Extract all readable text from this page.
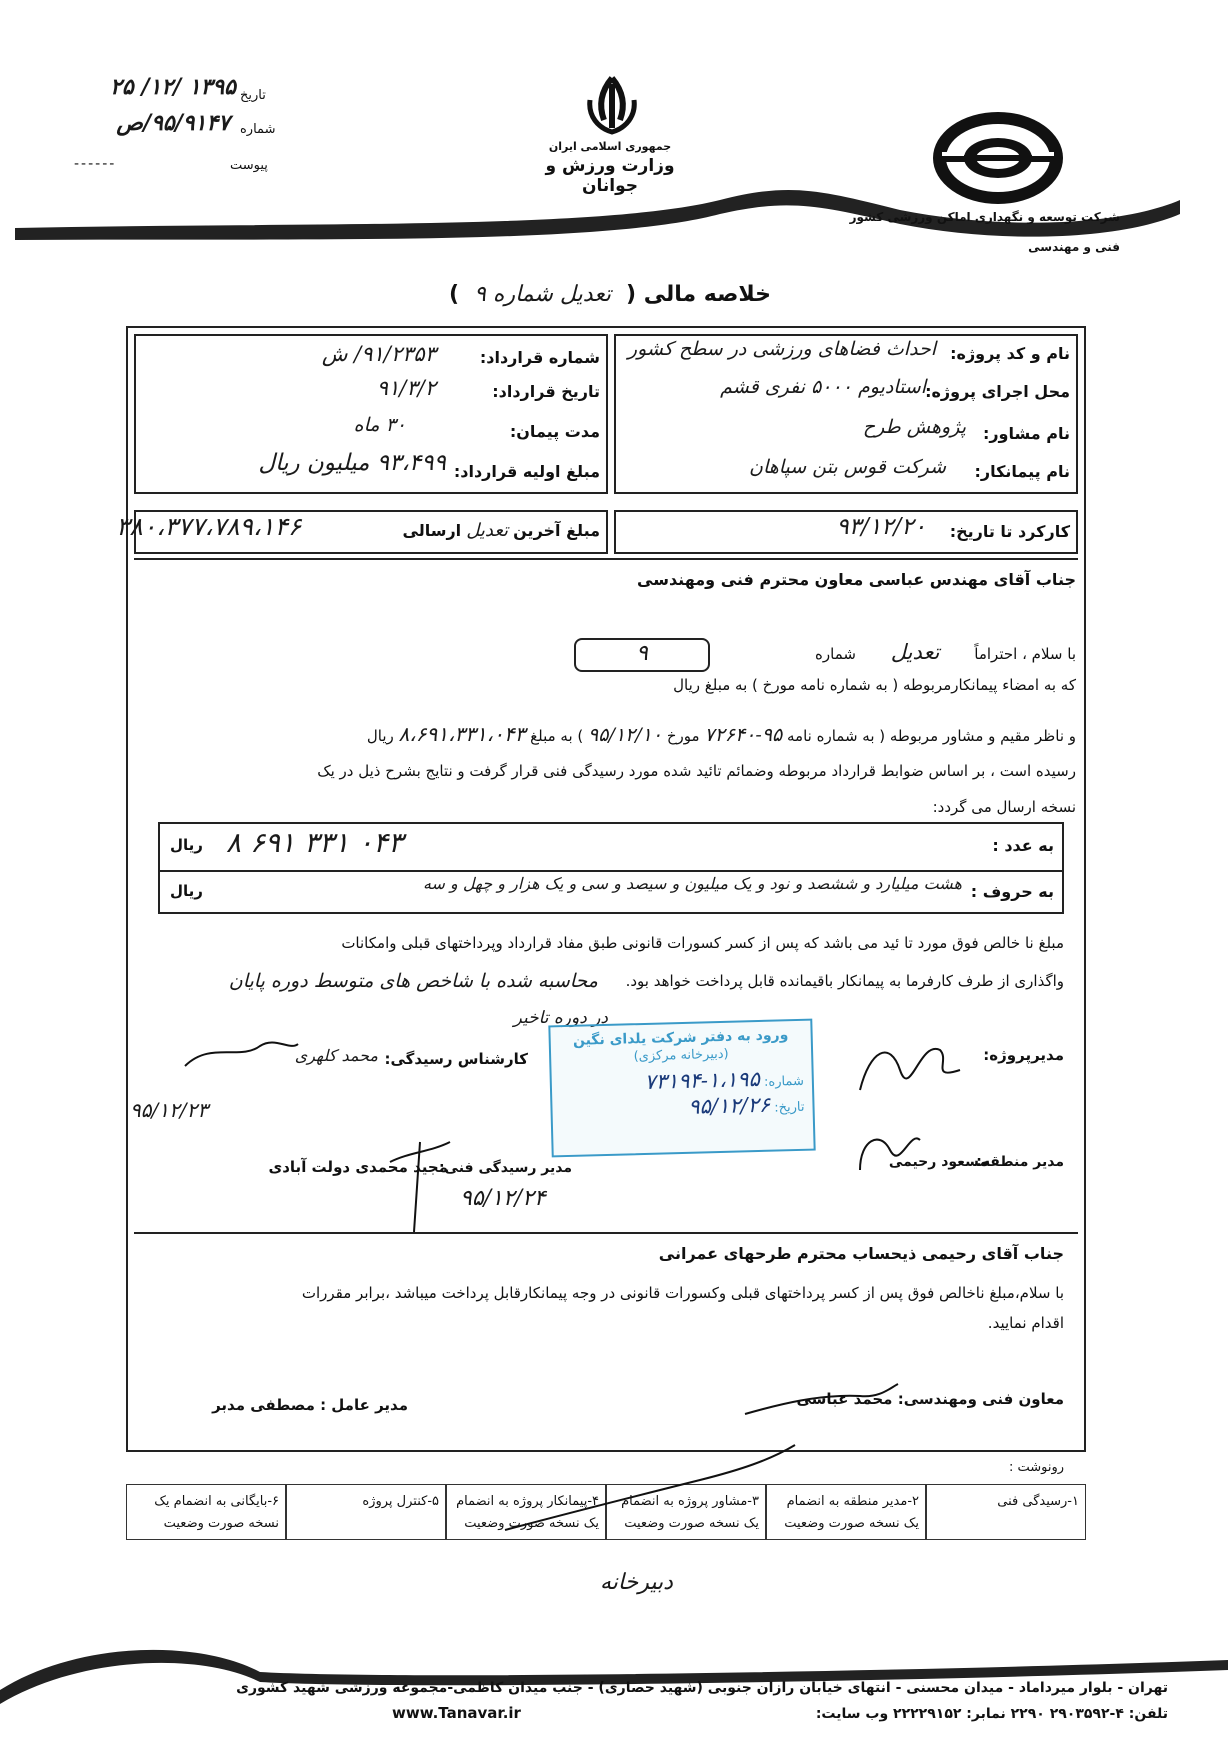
جمهوری اسلامی ایران
وزارت ورزش و جوانان
شرکت توسعه و نگهداری اماکن ورزشی کشور
فنی و مهندسی
تاریخ
۱۳۹۵ /۱۲/ ۲۵
شماره
۹۵/۹۱۴۷/ص
پیوست
------
خلاصه مالی ( تعدیل شماره ۹ )
نام و کد پروژه:
احداث فضاهای ورزشی در سطح کشور
محل اجرای پروژه:
استادیوم ۵۰۰۰ نفری قشم
نام مشاور:
پژوهش طرح
نام پیمانکار:
شرکت قوس بتن سپاهان
شماره قرارداد:
۹۱/۲۳۵۳/ ش
تاریخ قرارداد:
۹۱/۳/۲
مدت پیمان:
۳۰ ماه
مبلغ اولیه قرارداد:
۹۳،۴۹۹ میلیون ریال
کارکرد تا تاریخ:
۹۳/۱۲/۲۰
مبلغ آخرین تعدیل ارسالی
۳۸۰،۳۷۷،۷۸۹،۱۴۶
جناب آقای مهندس عباسی معاون محترم فنی ومهندسی
با سلام ، احتراماً تعدیل شماره
۹
که به امضاء پیمانکارمربوطه ( به شماره نامه مورخ ) به مبلغ ریال
و ناظر مقیم و مشاور مربوطه ( به شماره نامه ۹۵-۷۲۶۴۰ مورخ ۹۵/۱۲/۱۰ ) به مبلغ ۸،۶۹۱،۳۳۱،۰۴۳ ریال
رسیده است ، بر اساس ضوابط قرارداد مربوطه وضمائم تائید شده مورد رسیدگی فنی قرار گرفت و نتایج بشرح ذیل در یک
نسخه ارسال می گردد:
به عدد :
۸ ۶۹۱ ۳۳۱ ۰۴۳
ریال
به حروف :
هشت میلیارد و ششصد و نود و یک میلیون و سیصد و سی و یک هزار و چهل و سه
ریال
مبلغ نا خالص فوق مورد تا ئید می باشد که پس از کسر کسورات قانونی طبق مفاد قرارداد وپرداختهای قبلی وامکانات
واگذاری از طرف کارفرما به پیمانکار باقیمانده قابل پرداخت خواهد بود.
محاسبه شده با شاخص های متوسط دوره پایان
در دوره تاخیر
مدیرپروژه:
کارشناس رسیدگی:
محمد کلهری
۹۵/۱۲/۲۳
مدیر منطقه:
مسعود رحیمی
مدیر رسیدگی فنی:
مجید محمدی دولت آبادی
۹۵/۱۲/۲۴
ورود به دفتر شرکت یلدای نگین
(دبیرخانه مرکزی)
شماره: ۱،۱۹۵-۷۳۱۹۴
تاریخ: ۹۵/۱۲/۲۶
جناب آقای رحیمی ذیحساب محترم طرحهای عمرانی
با سلام،مبلغ ناخالص فوق پس از کسر پرداختهای قبلی وکسورات قانونی در وجه پیمانکارقابل پرداخت میباشد ،برابر مقررات
اقدام نمایید.
معاون فنی ومهندسی: محمد عباسی
مدیر عامل : مصطفی مدبر
رونوشت :
۱-رسیدگی فنی
۲-مدیر منطقه به انضمام
یک نسخه صورت وضعیت
۳-مشاور پروژه به انضمام
یک نسخه صورت وضعیت
۴-پیمانکار پروژه به انضمام
یک نسخه صورت وضعیت
۵-کنترل پروژه
۶-بایگانی به انضمام یک
نسخه صورت وضعیت
دبیرخانه
تهران - بلوار میرداماد - میدان محسنی - انتهای خیابان رازان جنوبی (شهید حصاری) - جنب میدان کاظمی-مجموعه ورزشی شهید کشوری
تلفن: ۴-۲۹۰۳۵۹۲ ۲۲۹۰ نمابر: ۲۲۲۲۹۱۵۲ وب سایت:
www.Tanavar.ir
